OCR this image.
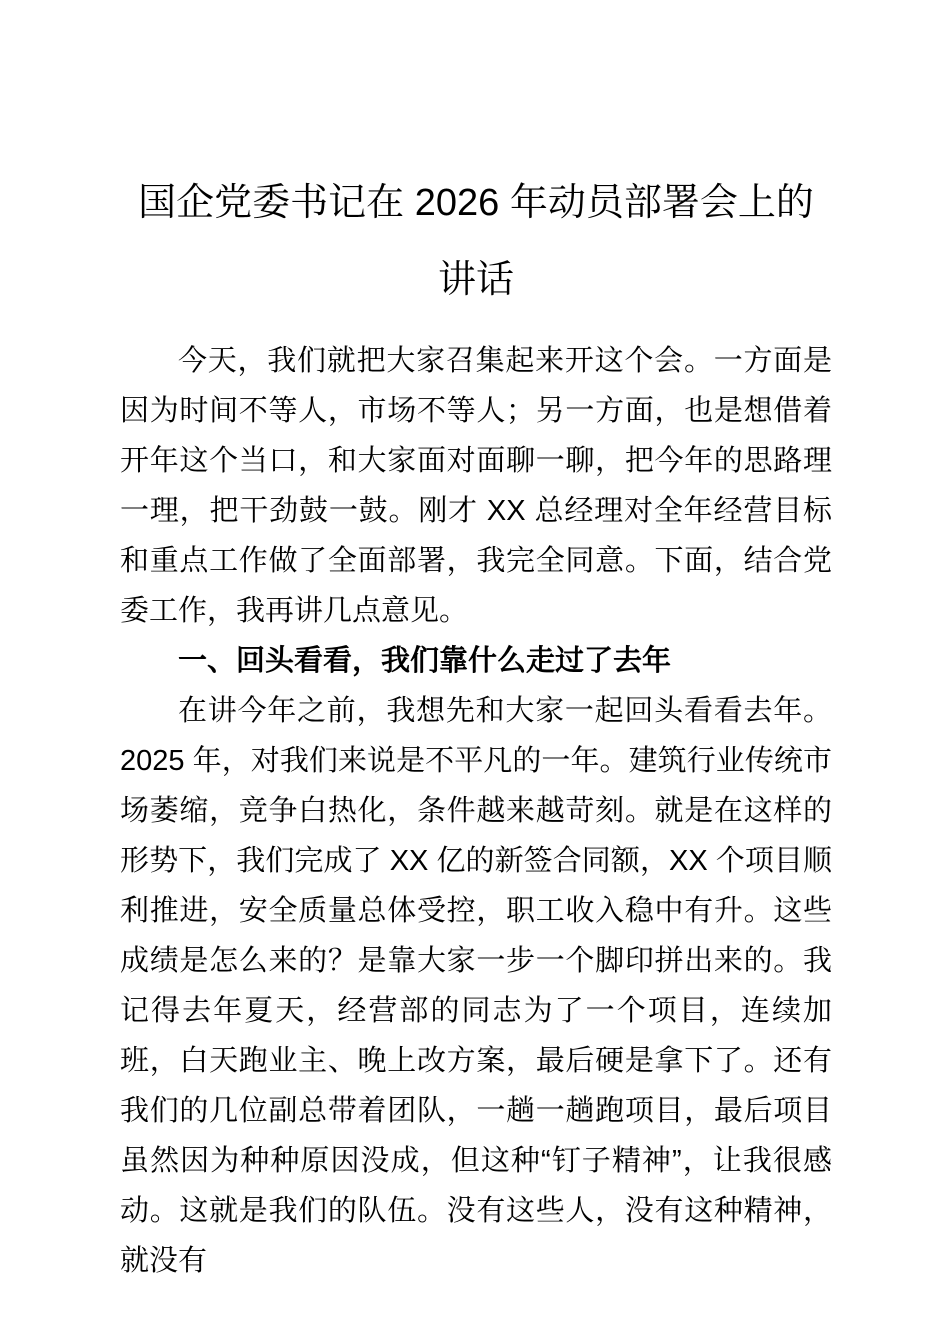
国企党委书记在 2026 年动员部署会上的
讲话

今天，我们就把大家召集起来开这个会。一方面是因为时间不等人，市场不等人；另一方面，也是想借着开年这个当口，和大家面对面聊一聊，把今年的思路理一理，把干劲鼓一鼓。刚才 XX 总经理对全年经营目标和重点工作做了全面部署，我完全同意。下面，结合党委工作，我再讲几点意见。

一、回头看看，我们靠什么走过了去年

在讲今年之前，我想先和大家一起回头看看去年。2025 年，对我们来说是不平凡的一年。建筑行业传统市场萎缩，竞争白热化，条件越来越苛刻。就是在这样的形势下，我们完成了 XX 亿的新签合同额，XX 个项目顺利推进，安全质量总体受控，职工收入稳中有升。这些成绩是怎么来的？是靠大家一步一个脚印拼出来的。我记得去年夏天，经营部的同志为了一个项目，连续加班，白天跑业主、晚上改方案，最后硬是拿下了。还有我们的几位副总带着团队，一趟一趟跑项目，最后项目虽然因为种种原因没成，但这种“钉子精神”，让我很感动。这就是我们的队伍。没有这些人，没有这种精神，就没有
